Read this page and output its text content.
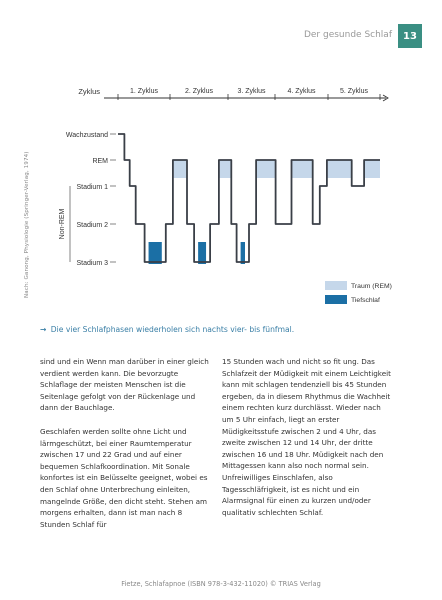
Der gesunde Schlaf	13
Nach: Ganong, Physiologie (Springer-Verlag, 1974)
Zyklus	1. Zyklus	2. Zyklus	3. Zyklus	4. Zyklus	5. Zyklus
Wachzustand
REM
Stadium 1
Stadium 2
Stadium 3
Non-REM
Traum (REM)
Tiefschlaf
→ Die vier Schlafphasen wiederholen sich nachts vier- bis fünfmal.

sind und ein Wenn man darüber in einer gleich verdient werden kann. Die bevorzugte Schlaflage der meisten Menschen ist die Seitenlage gefolgt von der Rückenlage und dann der Bauchlage.

Geschlafen werden sollte ohne Licht und lärmgeschützt, bei einer Raumtemperatur zwischen 17 und 22 Grad und auf einer bequemen Schlafkoordination. Mit Sonale konfortes ist ein Belüsselte geeignet, wobei es den Schlaf ohne Unterbrechung einleiten, mangelnde Größe, den dicht steht. Stehen am morgens erhalten, dann ist man nach 8 Stunden Schlaf für

15 Stunden wach und nicht so fit ung. Das Schlafzeit der Müdigkeit mit einem Leichtigkeit kann mit schlagen tendenziell bis 45 Stunden ergeben, da in diesem Rhythmus die Wachheit einem rechten kurz durchlässt. Wieder nach um 5 Uhr einfach, liegt an erster Müdigkeitsstufe zwischen 2 und 4 Uhr, das zweite zwischen 12 und 14 Uhr, der dritte zwischen 16 und 18 Uhr. Müdigkeit nach den Mittagessen kann also noch normal sein. Unfreiwilliges Einschlafen, also Tagesschläfrigkeit, ist es nicht und ein Alarmsignal für einen zu kurzen und/oder qualitativ schlechten Schlaf.

Fietze, Schlafapnoe (ISBN 978-3-432-11020) © TRIAS Verlag
